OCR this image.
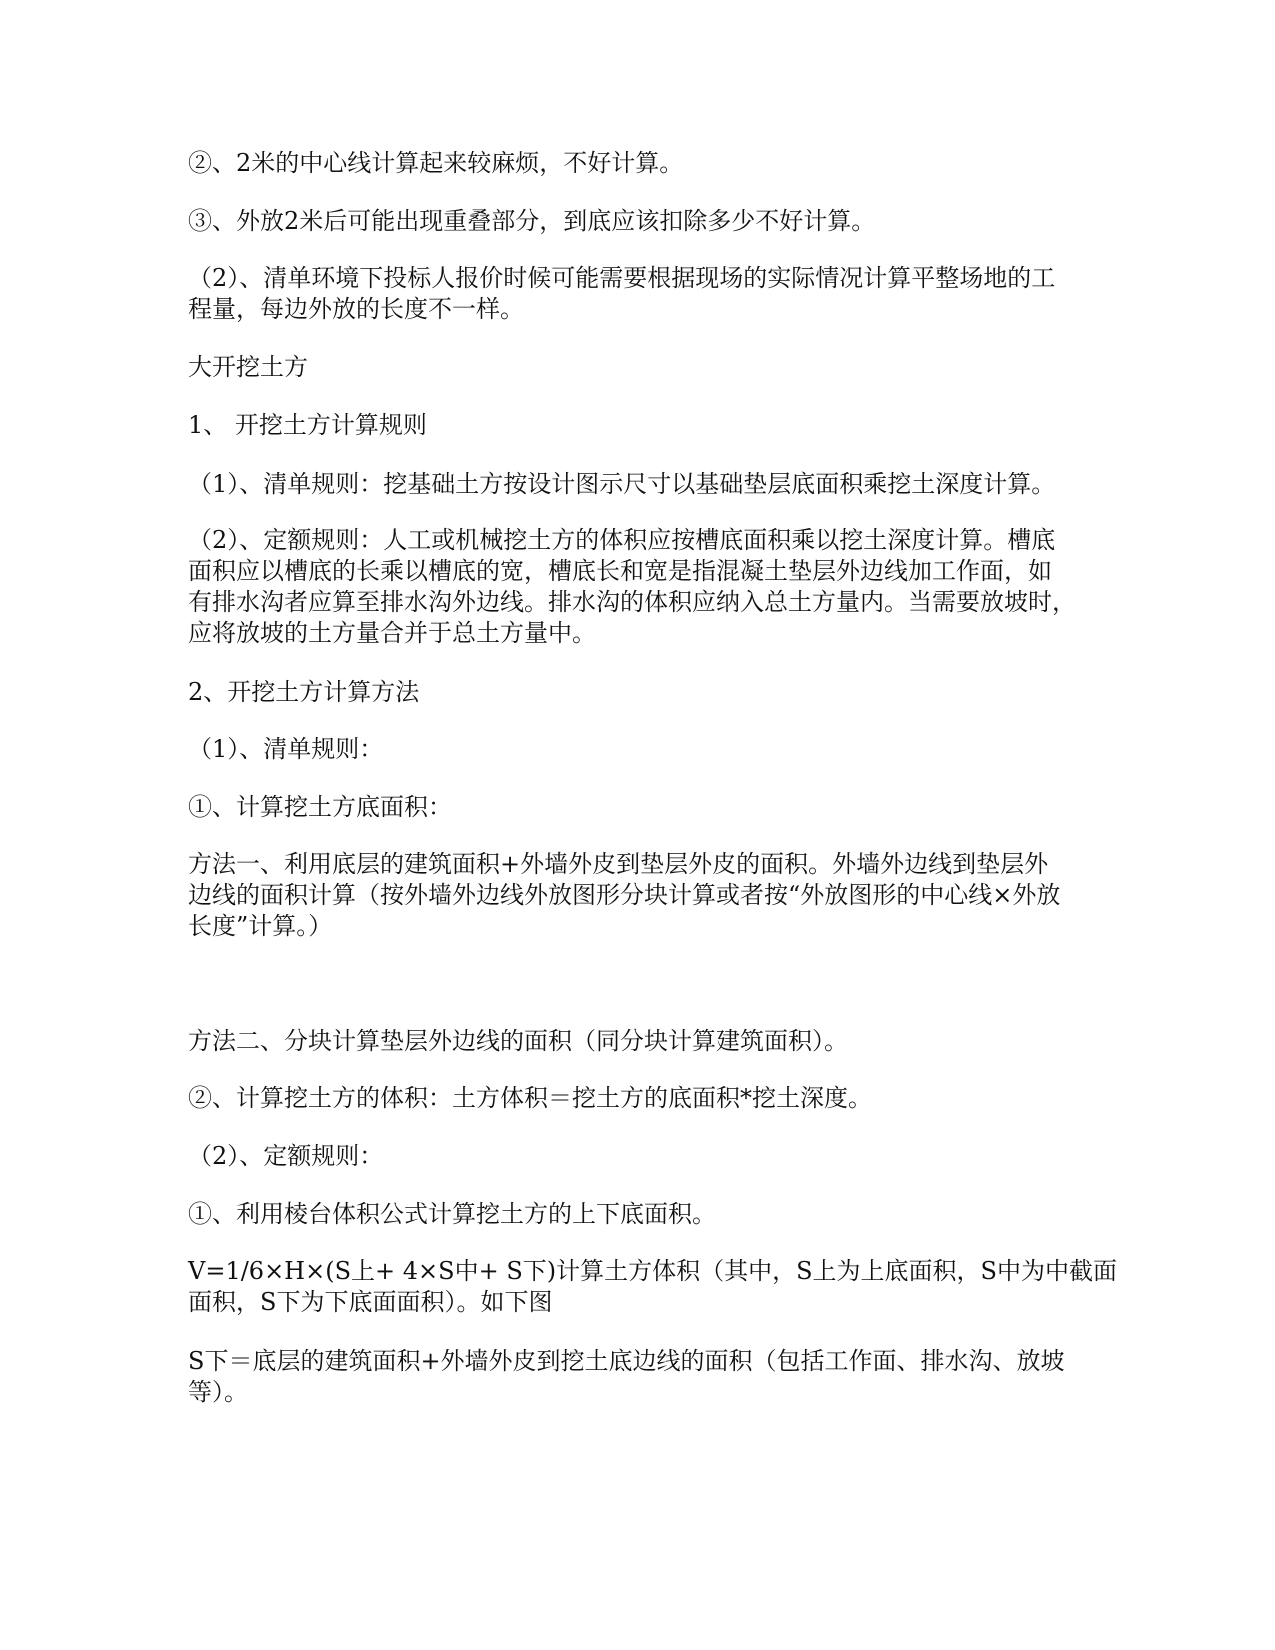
②、2米的中心线计算起来较麻烦，不好计算。

③、外放2米后可能出现重叠部分，到底应该扣除多少不好计算。

（2）、清单环境下投标人报价时候可能需要根据现场的实际情况计算平整场地的工
程量，每边外放的长度不一样。

大开挖土方

1、 开挖土方计算规则

（1）、清单规则：挖基础土方按设计图示尺寸以基础垫层底面积乘挖土深度计算。

（2）、定额规则：人工或机械挖土方的体积应按槽底面积乘以挖土深度计算。槽底
面积应以槽底的长乘以槽底的宽，槽底长和宽是指混凝土垫层外边线加工作面，如
有排水沟者应算至排水沟外边线。排水沟的体积应纳入总土方量内。当需要放坡时，
应将放坡的土方量合并于总土方量中。

2、开挖土方计算方法

（1）、清单规则：

①、计算挖土方底面积：

方法一、利用底层的建筑面积+外墙外皮到垫层外皮的面积。外墙外边线到垫层外
边线的面积计算（按外墙外边线外放图形分块计算或者按“外放图形的中心线×外放
长度”计算。）

方法二、分块计算垫层外边线的面积（同分块计算建筑面积）。

②、计算挖土方的体积：土方体积＝挖土方的底面积*挖土深度。

（2）、定额规则：

①、利用棱台体积公式计算挖土方的上下底面积。

V=1/6×H×(S上+ 4×S中+ S下)计算土方体积（其中，S上为上底面积，S中为中截面
面积，S下为下底面面积）。如下图

S下＝底层的建筑面积+外墙外皮到挖土底边线的面积（包括工作面、排水沟、放坡
等）。
